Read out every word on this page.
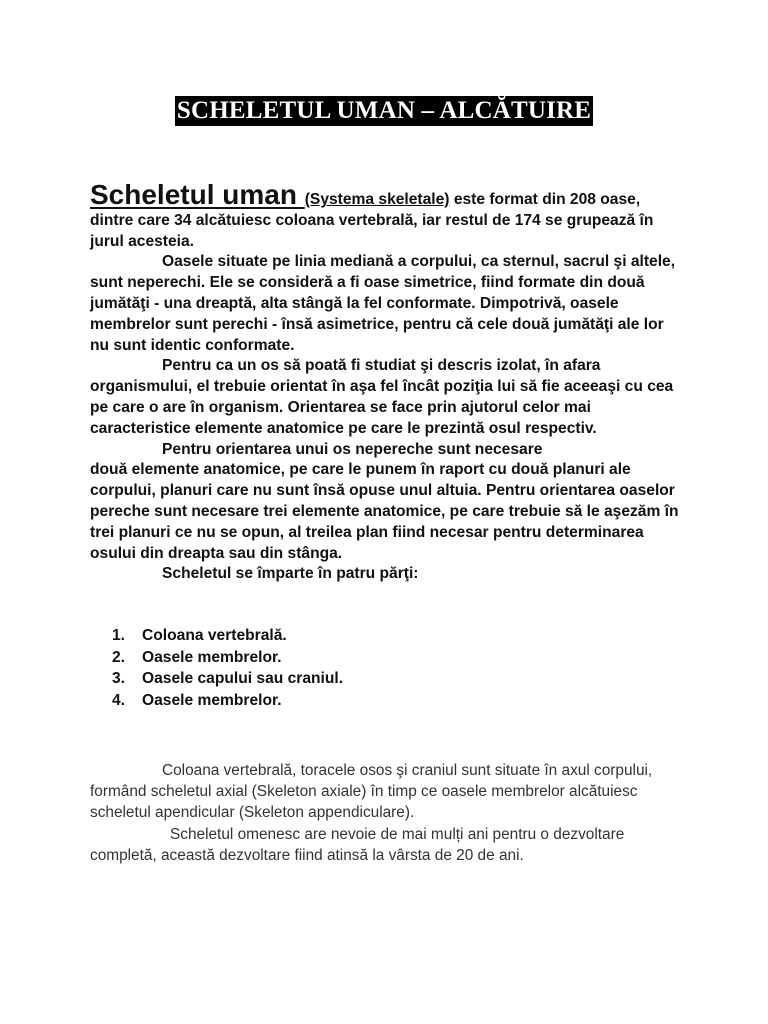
SCHELETUL UMAN – ALCĂTUIRE

Scheletul uman (Systema skeletale) este format din 208 oase, dintre care 34 alcătuiesc coloana vertebrală, iar restul de 174 se grupează în jurul acesteia.

Oasele situate pe linia mediană a corpului, ca sternul, sacrul şi altele, sunt neperechi. Ele se consideră a fi oase simetrice, fiind formate din două jumătăţi - una dreaptă, alta stângă la fel conformate. Dimpotrivă, oasele membrelor sunt perechi - însă asimetrice, pentru că cele două jumătăţi ale lor nu sunt identic conformate.

Pentru ca un os să poată fi studiat şi descris izolat, în afara organismului, el trebuie orientat în aşa fel încât poziţia lui să fie aceeaşi cu cea pe care o are în organism. Orientarea se face prin ajutorul celor mai caracteristice elemente anatomice pe care le prezintă osul respectiv.

Pentru orientarea unui os nepereche sunt necesare

două elemente anatomice, pe care le punem în raport cu două planuri ale corpului, planuri care nu sunt însă opuse unul altuia. Pentru orientarea oaselor pereche sunt necesare trei elemente anatomice, pe care trebuie să le aşezăm în trei planuri ce nu se opun, al treilea plan fiind necesar pentru determinarea osului din dreapta sau din stânga.

Scheletul se împarte în patru părţi:

1.	Coloana vertebrală.
2.	Oasele membrelor.
3.	Oasele capului sau craniul.
4.	Oasele membrelor.

Coloana vertebrală, toracele osos şi craniul sunt situate în axul corpului, formând scheletul axial (Skeleton axiale) în timp ce oasele membrelor alcătuiesc scheletul apendicular (Skeleton appendiculare).

Scheletul omenesc are nevoie de mai mulți ani pentru o dezvoltare completă, această dezvoltare fiind atinsă la vârsta de 20 de ani.
